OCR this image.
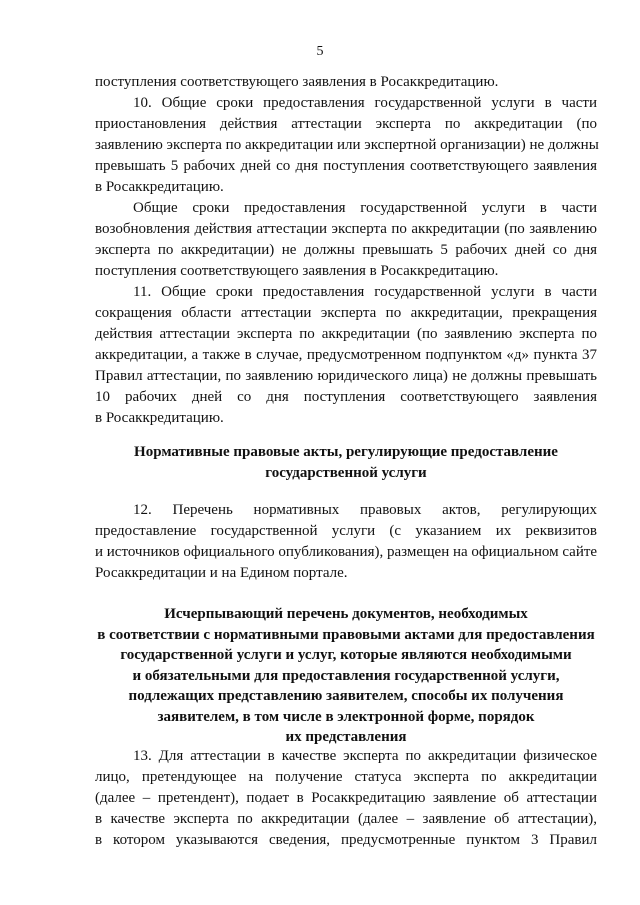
5
поступления соответствующего заявления в Росаккредитацию.
10. Общие сроки предоставления государственной услуги в части
приостановления действия аттестации эксперта по аккредитации (по
заявлению эксперта по аккредитации или экспертной организации) не должны
превышать 5 рабочих дней со дня поступления соответствующего заявления
в Росаккредитацию.
Общие сроки предоставления государственной услуги в части
возобновления действия аттестации эксперта по аккредитации (по заявлению
эксперта по аккредитации) не должны превышать 5 рабочих дней со дня
поступления соответствующего заявления в Росаккредитацию.
11. Общие сроки предоставления государственной услуги в части
сокращения области аттестации эксперта по аккредитации, прекращения
действия аттестации эксперта по аккредитации (по заявлению эксперта по
аккредитации, а также в случае, предусмотренном подпунктом «д» пункта 37
Правил аттестации, по заявлению юридического лица) не должны превышать
10 рабочих дней со дня поступления соответствующего заявления
в Росаккредитацию.
Нормативные правовые акты, регулирующие предоставление
государственной услуги
12. Перечень нормативных правовых актов, регулирующих
предоставление государственной услуги (с указанием их реквизитов
и источников официального опубликования), размещен на официальном сайте
Росаккредитации и на Едином портале.
Исчерпывающий перечень документов, необходимых
в соответствии с нормативными правовыми актами для предоставления
государственной услуги и услуг, которые являются необходимыми
и обязательными для предоставления государственной услуги,
подлежащих представлению заявителем, способы их получения
заявителем, в том числе в электронной форме, порядок
их представления
13. Для аттестации в качестве эксперта по аккредитации физическое
лицо, претендующее на получение статуса эксперта по аккредитации
(далее – претендент), подает в Росаккредитацию заявление об аттестации
в качестве эксперта по аккредитации (далее – заявление об аттестации),
в котором указываются сведения, предусмотренные пунктом 3 Правил
